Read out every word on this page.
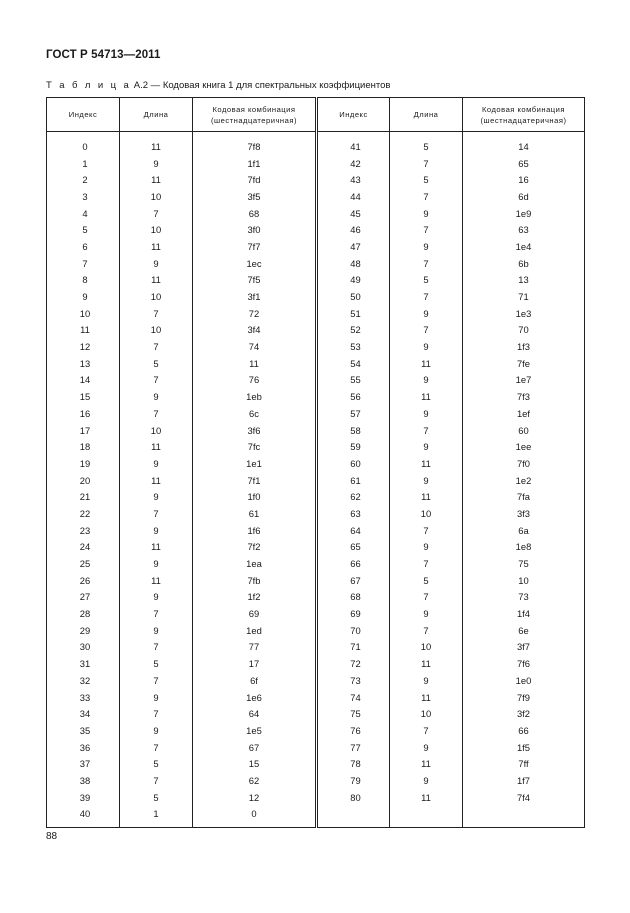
ГОСТ Р 54713—2011
Т а б л и ц а А.2 — Кодовая книга 1 для спектральных коэффициентов
Индекс	Длина	Кодовая комбинация (шестнадцатеричная)	Индекс	Длина	Кодовая комбинация (шестнадцатеричная)
0	11	7f8	41	5	14
1	9	1f1	42	7	65
2	11	7fd	43	5	16
3	10	3f5	44	7	6d
4	7	68	45	9	1e9
5	10	3f0	46	7	63
6	11	7f7	47	9	1e4
7	9	1ec	48	7	6b
8	11	7f5	49	5	13
9	10	3f1	50	7	71
10	7	72	51	9	1e3
11	10	3f4	52	7	70
12	7	74	53	9	1f3
13	5	11	54	11	7fe
14	7	76	55	9	1e7
15	9	1eb	56	11	7f3
16	7	6c	57	9	1ef
17	10	3f6	58	7	60
18	11	7fc	59	9	1ee
19	9	1e1	60	11	7f0
20	11	7f1	61	9	1e2
21	9	1f0	62	11	7fa
22	7	61	63	10	3f3
23	9	1f6	64	7	6a
24	11	7f2	65	9	1e8
25	9	1ea	66	7	75
26	11	7fb	67	5	10
27	9	1f2	68	7	73
28	7	69	69	9	1f4
29	9	1ed	70	7	6e
30	7	77	71	10	3f7
31	5	17	72	11	7f6
32	7	6f	73	9	1e0
33	9	1e6	74	11	7f9
34	7	64	75	10	3f2
35	9	1e5	76	7	66
36	7	67	77	9	1f5
37	5	15	78	11	7ff
38	7	62	79	9	1f7
39	5	12	80	11	7f4
40	1	0			
88
